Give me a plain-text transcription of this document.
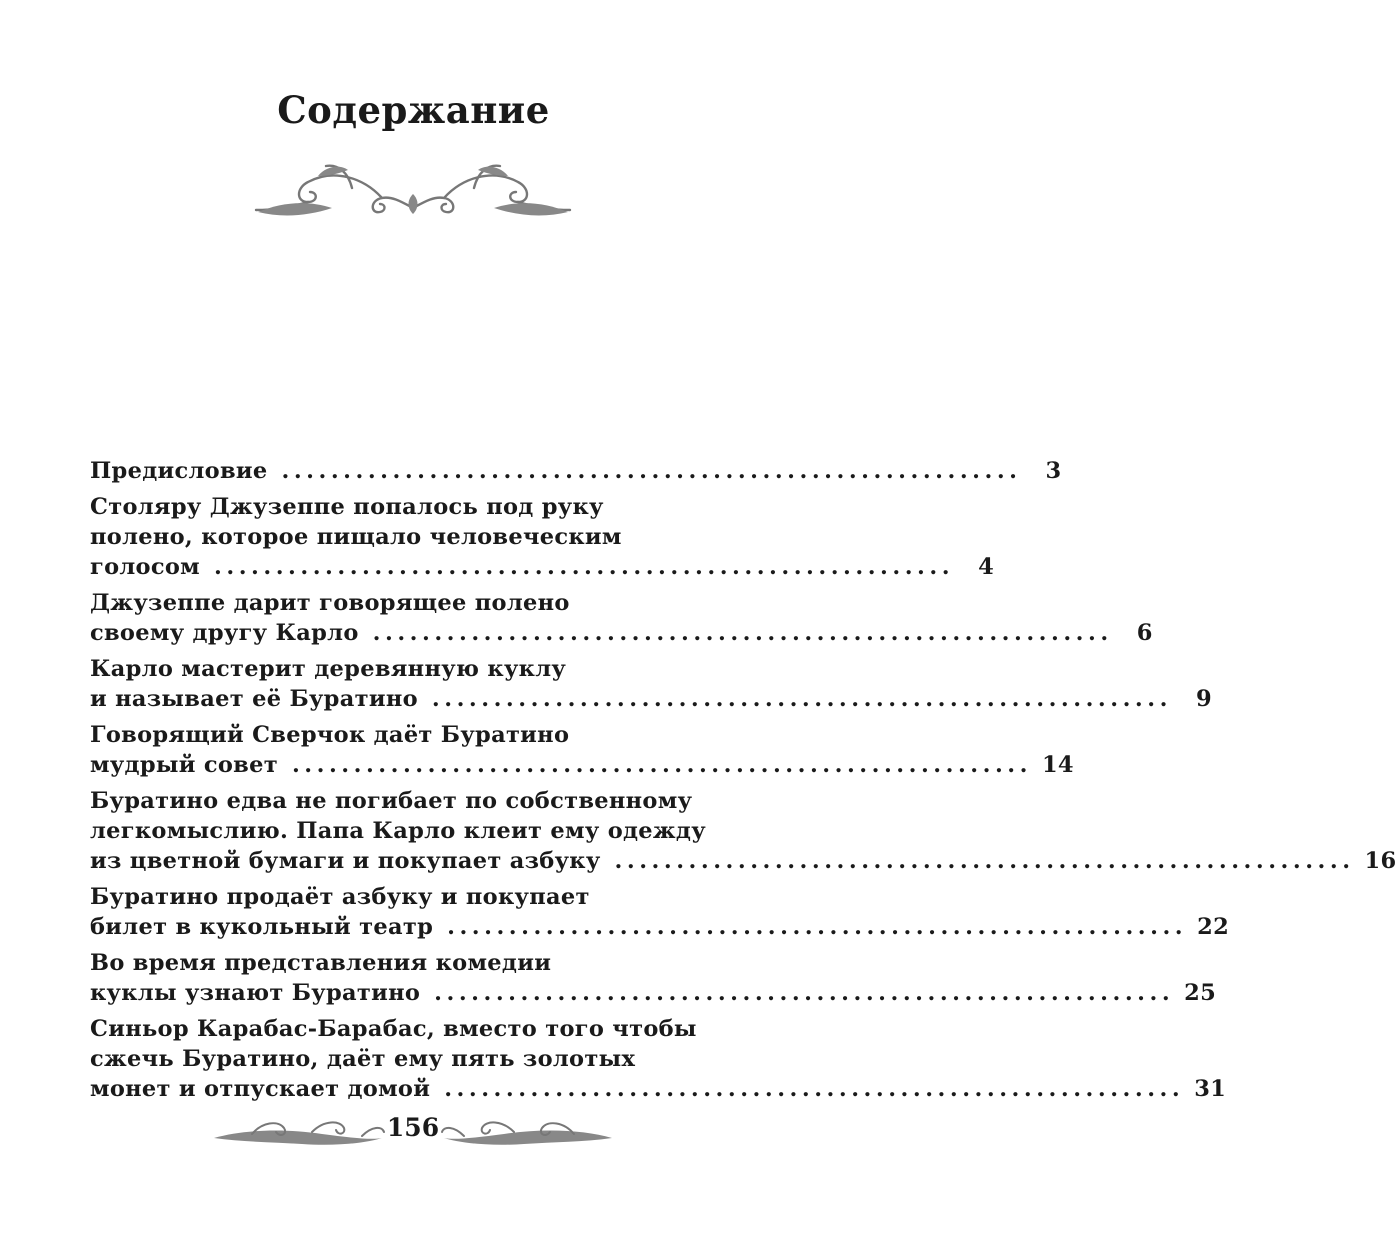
Содержание
Предисловие ............................................................	3
Столяру Джузеппе попалось под руку
полено, которое пищало человеческим
голосом ............................................................	4
Джузеппе дарит говорящее полено
своему другу Карло ............................................................	6
Карло мастерит деревянную куклу
и называет её Буратино ............................................................	9
Говорящий Сверчок даёт Буратино
мудрый совет ............................................................ 14
Буратино едва не погибает по собственному
легкомыслию. Папа Карло клеит ему одежду
из цветной бумаги и покупает азбуку ............................................................ 16
Буратино продаёт азбуку и покупает
билет в кукольный театр ............................................................ 22
Во время представления комедии
куклы узнают Буратино ............................................................ 25
Синьор Карабас-Барабас, вместо того чтобы
сжечь Буратино, даёт ему пять золотых
монет и отпускает домой ............................................................ 31
156
